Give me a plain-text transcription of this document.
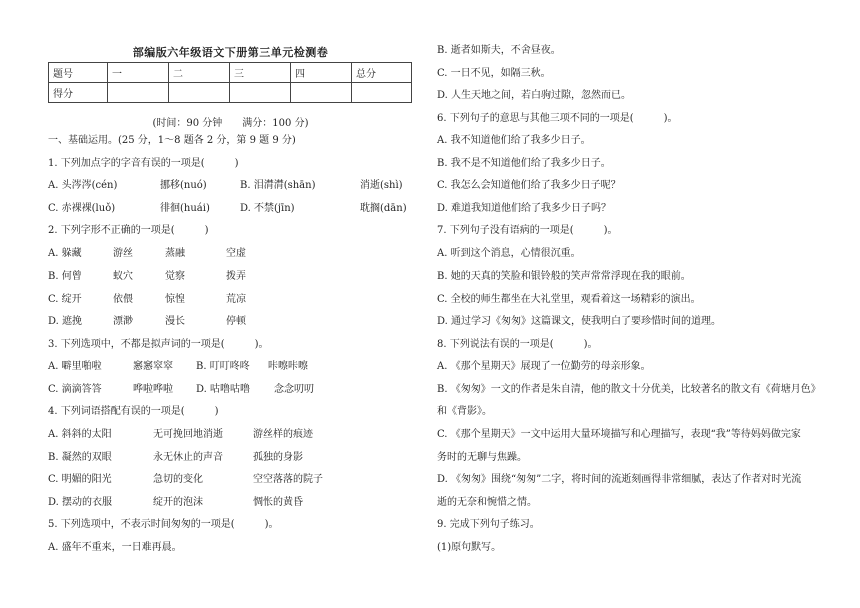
部编版六年级语文下册第三单元检测卷
题号	一	二	三	四	总分
得分					
(时间：90 分钟　　满分：100 分)
一、基础运用。(25 分，1～8 题各 2 分，第 9 题 9 分)
1. 下列加点字的字音有误的一项是(　　　)
A. 头涔涔(cén)	挪移(nuó)	B. 泪潸潸(shān)	消逝(shì)
C. 赤裸裸(luǒ)	徘徊(huái)	D. 不禁(jīn)	耽搁(dān)
2. 下列字形不正确的一项是(　　　)
A. 躲藏	游丝	蒸融	空虚
B. 何曾	蚁穴	觉察	拨弄
C. 绽开	依偎	惊惶	荒凉
D. 遮挽	漂渺	漫长	停顿
3. 下列选项中，不都是拟声词的一项是(　　　)。
A. 噼里啪啦	窸窸窣窣 B. 叮叮咚咚 咔嚓咔嚓
C. 滴滴答答	哗啦哗啦 D. 咕噜咕噜 念念叨叨
4. 下列词语搭配有误的一项是(　　　)
A. 斜斜的太阳	无可挽回地消逝	游丝样的痕迹
B. 凝然的双眼	永无休止的声音	孤独的身影
C. 明媚的阳光	急切的变化	空空落落的院子
D. 摆动的衣服	绽开的泡沫	惆怅的黄昏
5. 下列选项中，不表示时间匆匆的一项是(　　　)。
A. 盛年不重来，一日难再晨。
B. 逝者如斯夫，不舍昼夜。
C. 一日不见，如隔三秋。
D. 人生天地之间，若白驹过隙，忽然而已。
6. 下列句子的意思与其他三项不同的一项是(　　　)。
A. 我不知道他们给了我多少日子。
B. 我不是不知道他们给了我多少日子。
C. 我怎么会知道他们给了我多少日子呢？
D. 难道我知道他们给了我多少日子吗？
7. 下列句子没有语病的一项是(　　　)。
A. 听到这个消息，心情很沉重。
B. 她的天真的笑脸和银铃般的笑声常常浮现在我的眼前。
C. 全校的师生都坐在大礼堂里，观看着这一场精彩的演出。
D. 通过学习《匆匆》这篇课文，使我明白了要珍惜时间的道理。
8. 下列说法有误的一项是(　　　)。
A. 《那个星期天》展现了一位勤劳的母亲形象。
B. 《匆匆》一文的作者是朱自清，他的散文十分优美，比较著名的散文有《荷塘月色》
和《背影》。
C. 《那个星期天》一文中运用大量环境描写和心理描写，表现“我”等待妈妈做完家
务时的无聊与焦躁。
D. 《匆匆》围绕“匆匆”二字，将时间的流逝刻画得非常细腻，表达了作者对时光流
逝的无奈和惋惜之情。
9. 完成下列句子练习。
(1)原句默写。
